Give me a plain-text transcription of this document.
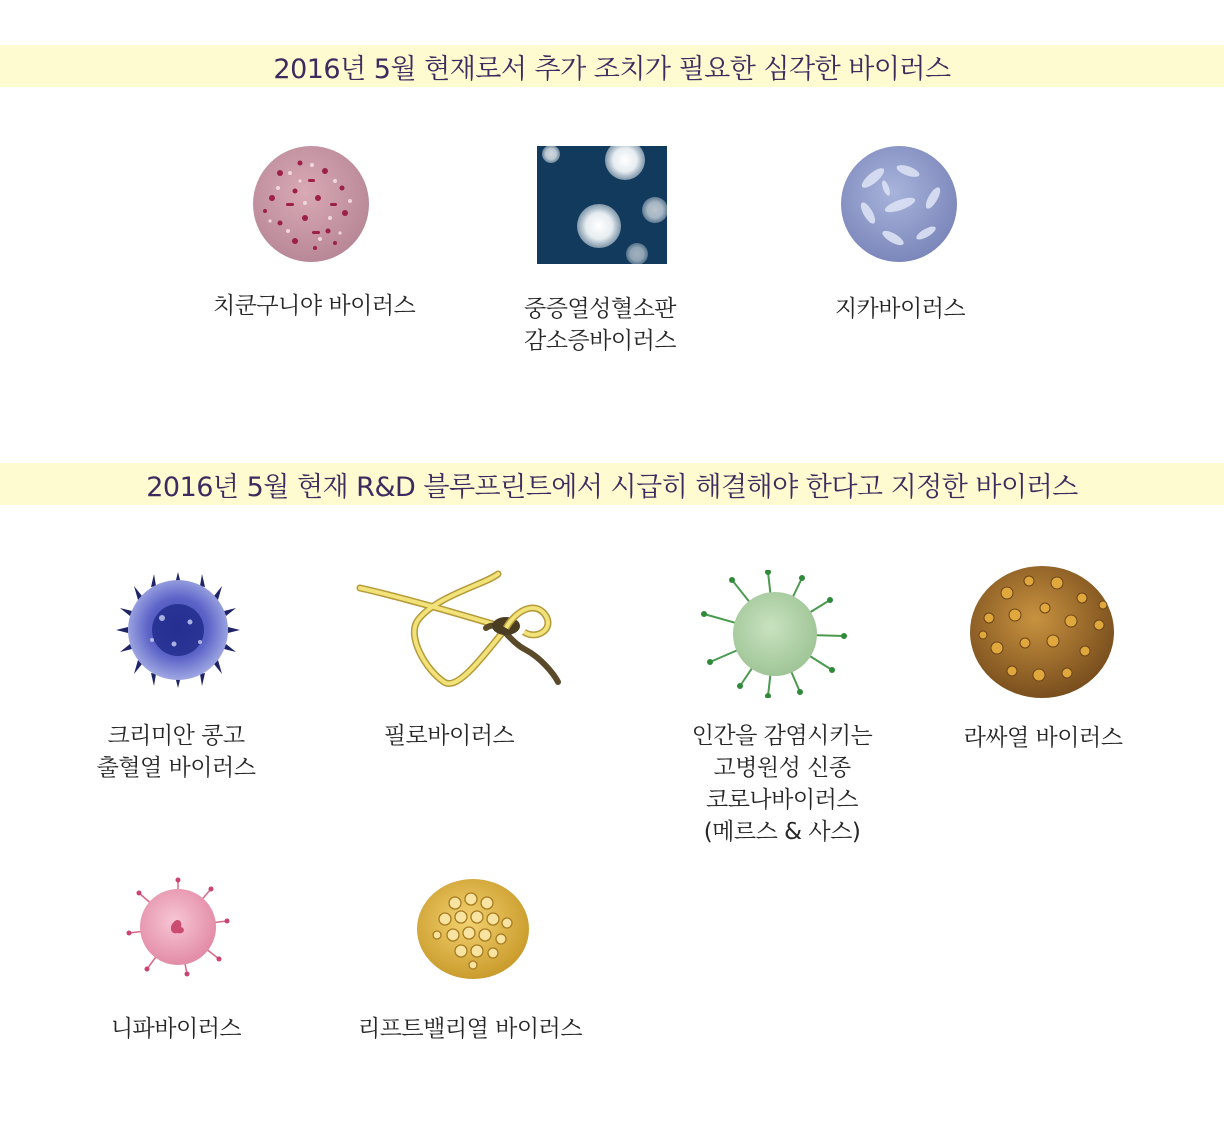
2016년 5월 현재로서 추가 조치가 필요한 심각한 바이러스
2016년 5월 현재 R&D 블루프린트에서 시급히 해결해야 한다고 지정한 바이러스
치쿤구니야 바이러스	중증열성혈소판
감소증바이러스
지카바이러스
크리미안 콩고
출혈열 바이러스
필로바이러스	인간을 감염시키는
고병원성 신종
코로나바이러스
(메르스 & 사스)
라싸열 바이러스
니파바이러스	리프트밸리열 바이러스
